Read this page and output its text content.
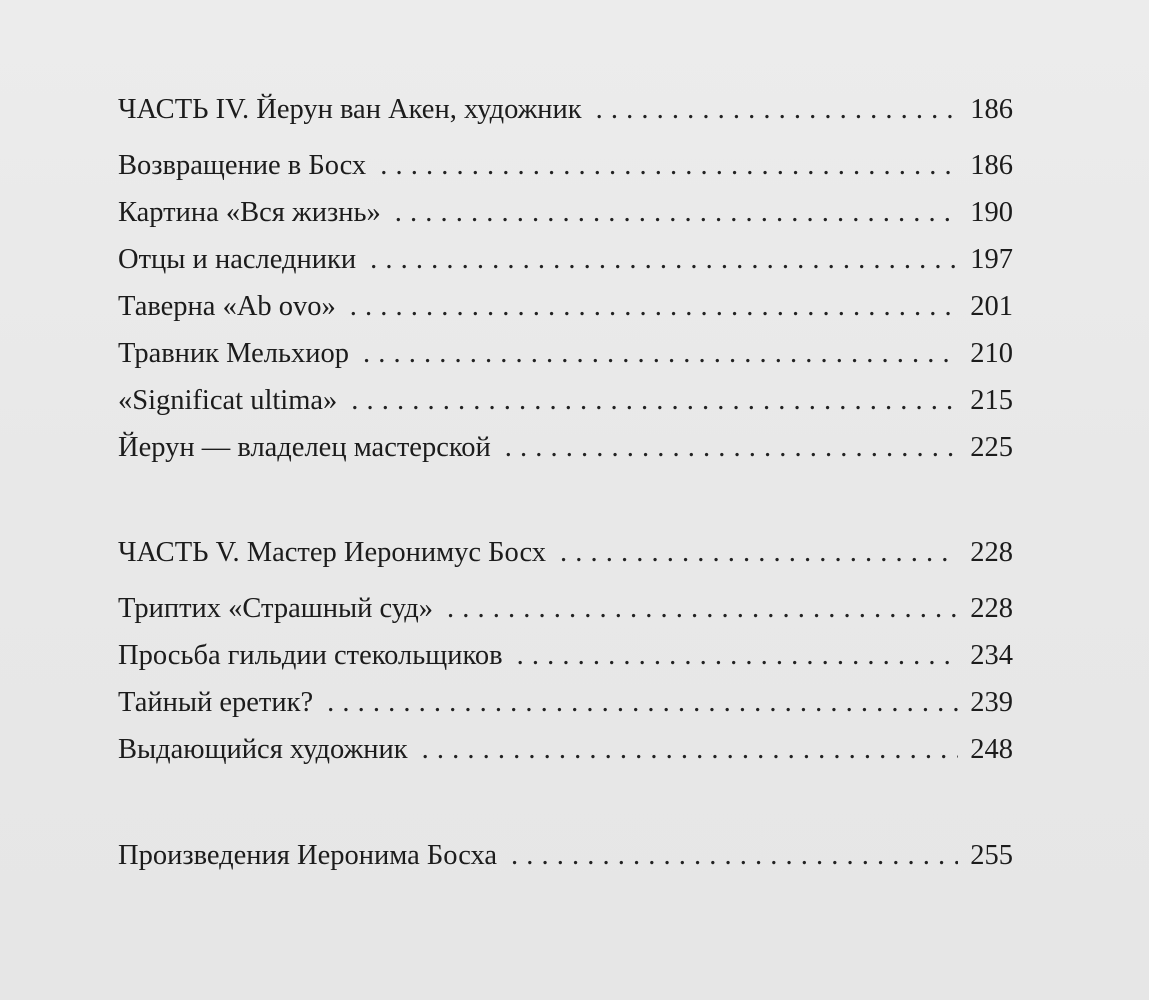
ЧАСТЬ IV. Йерун ван Акен, художник . . .	186
Возвращение в Босх . . .	186
Картина «Вся жизнь» . . .	190
Отцы и наследники . . .	197
Таверна «Ab ovo» . . .	201
Травник Мельхиор . . .	210
«Significat ultima» . . .	215
Йерун — владелец мастерской . . .	225
ЧАСТЬ V. Мастер Иеронимус Босх . . .	228
Триптих «Страшный суд» . . .	228
Просьба гильдии стекольщиков . . .	234
Тайный еретик? . . .	239
Выдающийся художник . . .	248
Произведения Иеронима Босха . . .	255
